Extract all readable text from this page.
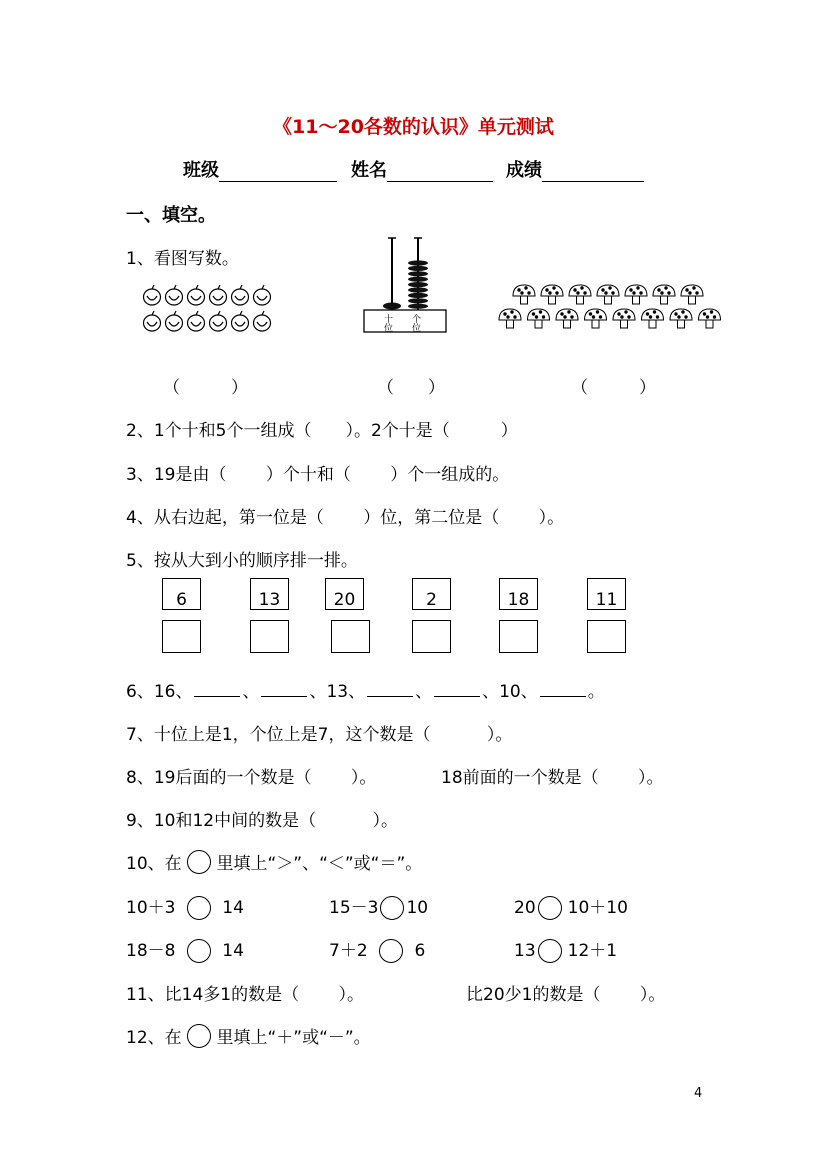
《11～20各数的认识》单元测试
班级	姓名	成绩
一、填空。
1、看图写数。
十
位
个
位
（　　　）	（　　）	（　　　）
2、1个十和5个一组成（　　）。2个十是（　　　）
3、19是由（　　 ）个十和（　　 ）个一组成的。
4、从右边起，第一位是（　　 ）位，第二位是（　　 ）。
5、按从大到小的顺序排一排。
6	13	20	2	18	11
6、16、	、	、13、	、	、10、	。
7、十位上是1，个位上是7，这个数是（　　　 ）。
8、19后面的一个数是（　　 ）。	18前面的一个数是（　　 ）。
9、10和12中间的数是（　　　 ）。
10、在 里填上“＞”、“＜”或“＝”。
10＋3	14	15－3 10	20 10＋10
18－8	14	7＋2	6	13 12＋1
11、比14多1的数是（　　 ）。	比20少1的数是（　　 ）。
12、在 里填上“＋”或“－”。
4
